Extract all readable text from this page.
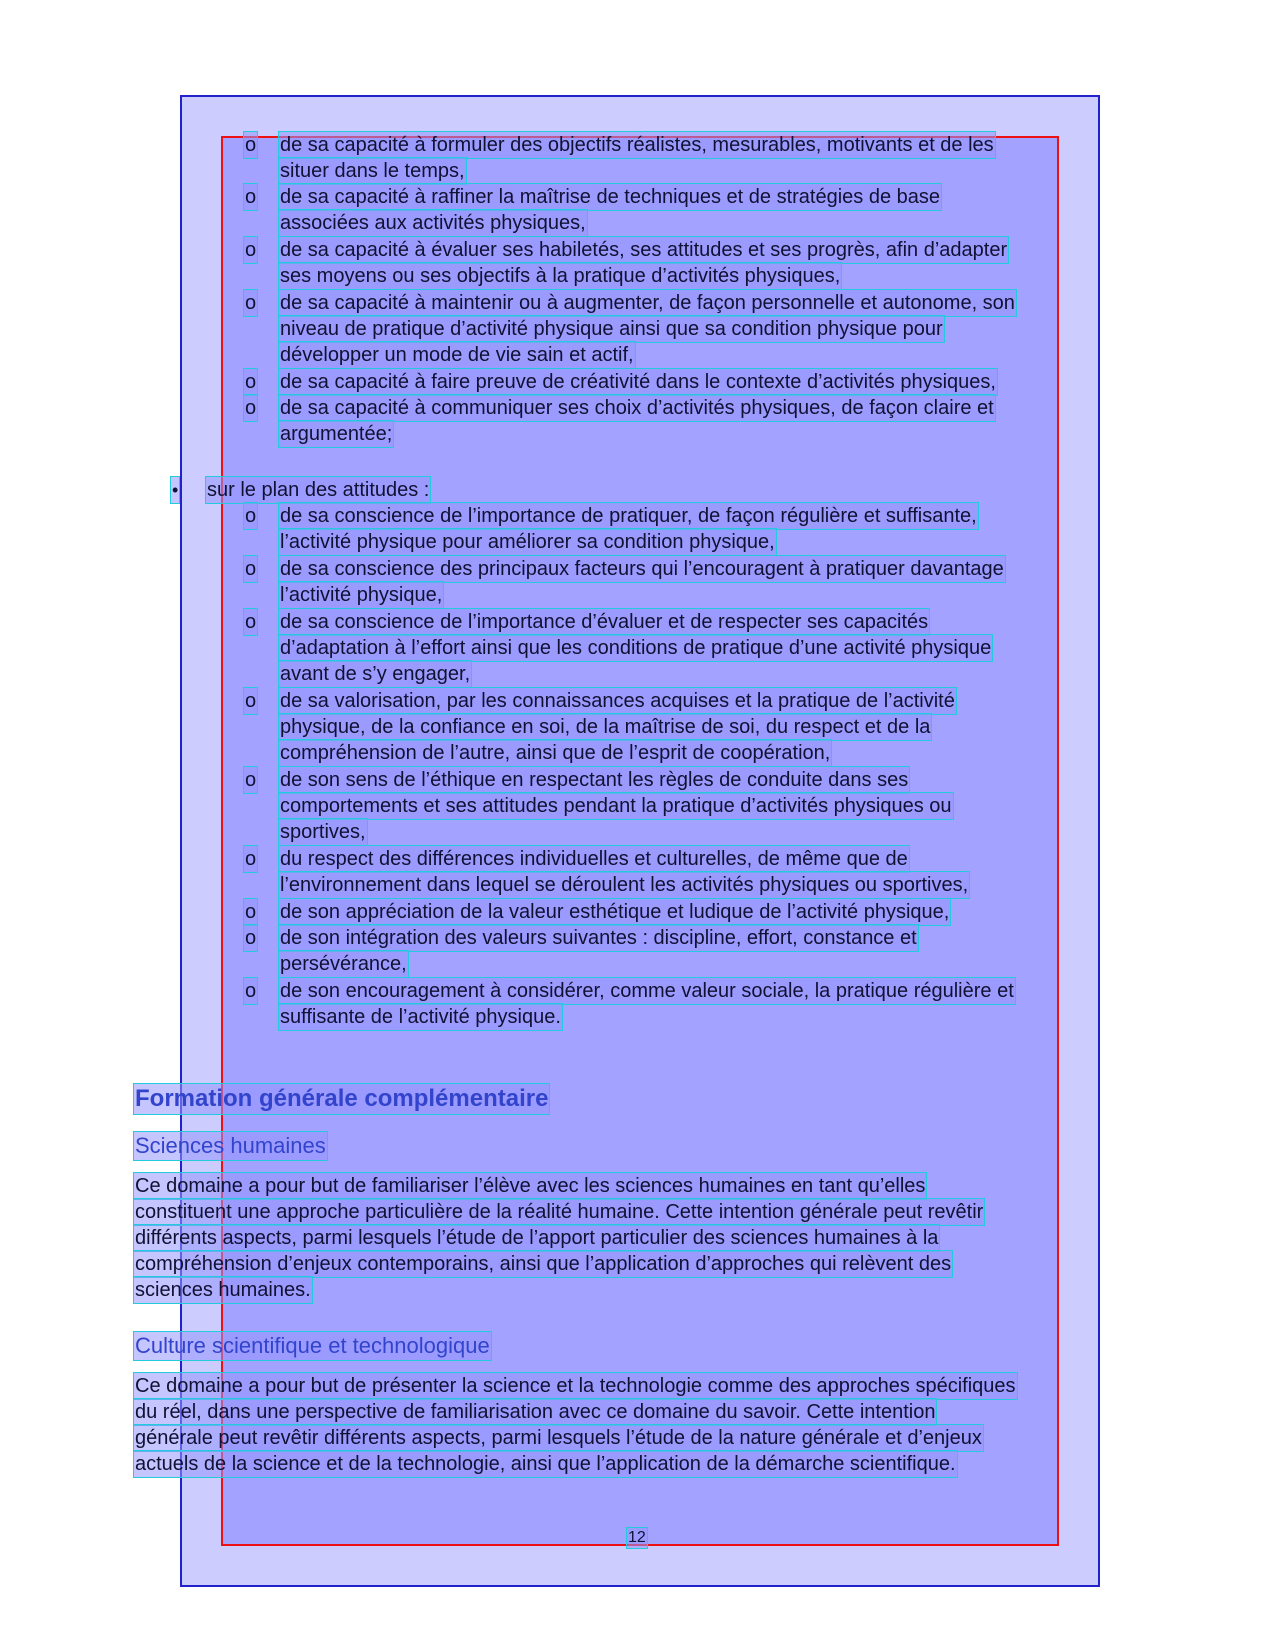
o de sa capacité à formuler des objectifs réalistes, mesurables, motivants et de les
situer dans le temps,
o de sa capacité à raffiner la maîtrise de techniques et de stratégies de base
associées aux activités physiques,
o de sa capacité à évaluer ses habiletés, ses attitudes et ses progrès, afin d’adapter
ses moyens ou ses objectifs à la pratique d’activités physiques,
o de sa capacité à maintenir ou à augmenter, de façon personnelle et autonome, son
niveau de pratique d’activité physique ainsi que sa condition physique pour
développer un mode de vie sain et actif,
o de sa capacité à faire preuve de créativité dans le contexte d’activités physiques,
o de sa capacité à communiquer ses choix d’activités physiques, de façon claire et
argumentée;
• sur le plan des attitudes :
o de sa conscience de l’importance de pratiquer, de façon régulière et suffisante,
l’activité physique pour améliorer sa condition physique,
o de sa conscience des principaux facteurs qui l’encouragent à pratiquer davantage
l’activité physique,
o de sa conscience de l’importance d’évaluer et de respecter ses capacités
d’adaptation à l’effort ainsi que les conditions de pratique d’une activité physique
avant de s’y engager,
o de sa valorisation, par les connaissances acquises et la pratique de l’activité
physique, de la confiance en soi, de la maîtrise de soi, du respect et de la
compréhension de l’autre, ainsi que de l’esprit de coopération,
o de son sens de l’éthique en respectant les règles de conduite dans ses
comportements et ses attitudes pendant la pratique d’activités physiques ou
sportives,
o du respect des différences individuelles et culturelles, de même que de
l’environnement dans lequel se déroulent les activités physiques ou sportives,
o de son appréciation de la valeur esthétique et ludique de l’activité physique,
o de son intégration des valeurs suivantes : discipline, effort, constance et
persévérance,
o de son encouragement à considérer, comme valeur sociale, la pratique régulière et
suffisante de l’activité physique.
Formation générale complémentaire
Sciences humaines
Ce domaine a pour but de familiariser l’élève avec les sciences humaines en tant qu’elles
constituent une approche particulière de la réalité humaine. Cette intention générale peut revêtir
différents aspects, parmi lesquels l’étude de l’apport particulier des sciences humaines à la
compréhension d’enjeux contemporains, ainsi que l’application d’approches qui relèvent des
sciences humaines.
Culture scientifique et technologique
Ce domaine a pour but de présenter la science et la technologie comme des approches spécifiques
du réel, dans une perspective de familiarisation avec ce domaine du savoir. Cette intention
générale peut revêtir différents aspects, parmi lesquels l’étude de la nature générale et d’enjeux
actuels de la science et de la technologie, ainsi que l’application de la démarche scientifique.
12
